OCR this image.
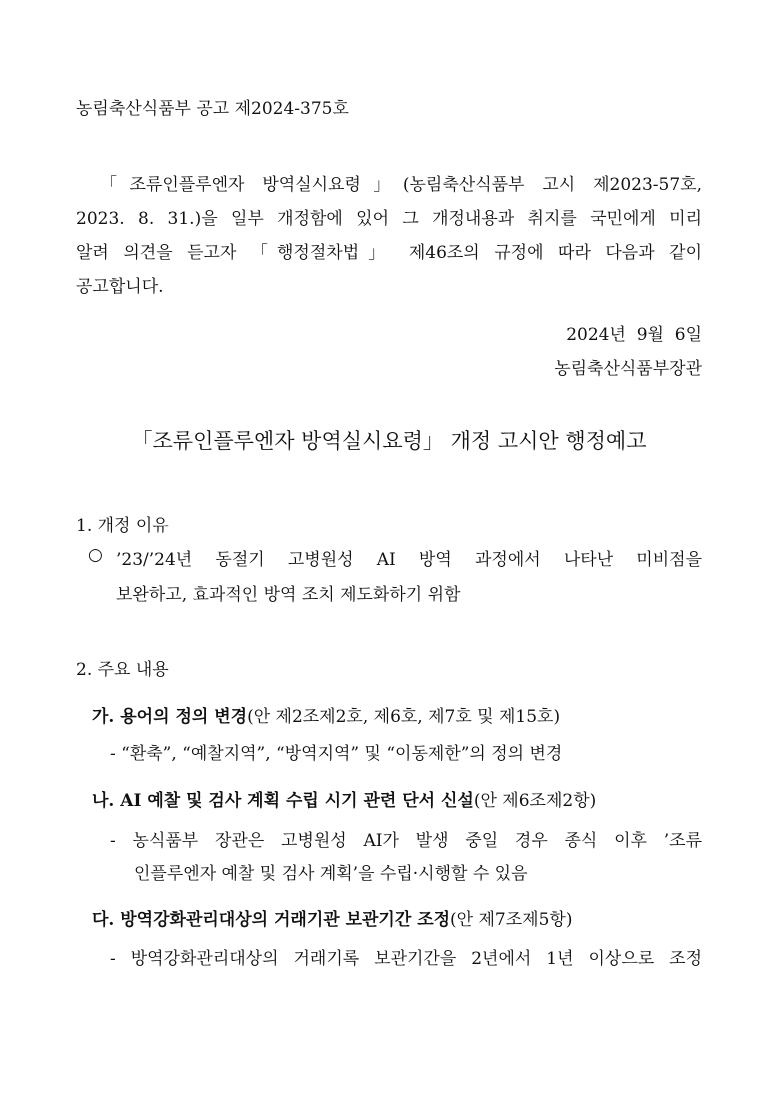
농림축산식품부 공고 제2024-375호
「조류인플루엔자 방역실시요령」(농림축산식품부 고시 제2023-57호,
2023. 8. 31.)을 일부 개정함에 있어 그 개정내용과 취지를 국민에게 미리
알려 의견을 듣고자 「행정절차법」 제46조의 규정에 따라 다음과 같이
공고합니다.
2024년  9월  6일
농림축산식품부장관
「조류인플루엔자 방역실시요령」 개정 고시안 행정예고
1. 개정 이유
○ ’23/’24년 동절기 고병원성 AI 방역 과정에서 나타난 미비점을
보완하고, 효과적인 방역 조치 제도화하기 위함
2. 주요 내용
가. 용어의 정의 변경(안 제2조제2호, 제6호, 제7호 및 제15호)
- “환축”, “예찰지역”, “방역지역” 및 “이동제한”의 정의 변경
나. AI 예찰 및 검사 계획 수립 시기 관련 단서 신설(안 제6조제2항)
- 농식품부 장관은 고병원성 AI가 발생 중일 경우 종식 이후 ’조류
인플루엔자 예찰 및 검사 계획’을 수립·시행할 수 있음
다. 방역강화관리대상의 거래기관 보관기간 조정(안 제7조제5항)
- 방역강화관리대상의 거래기록 보관기간을 2년에서 1년 이상으로 조정
